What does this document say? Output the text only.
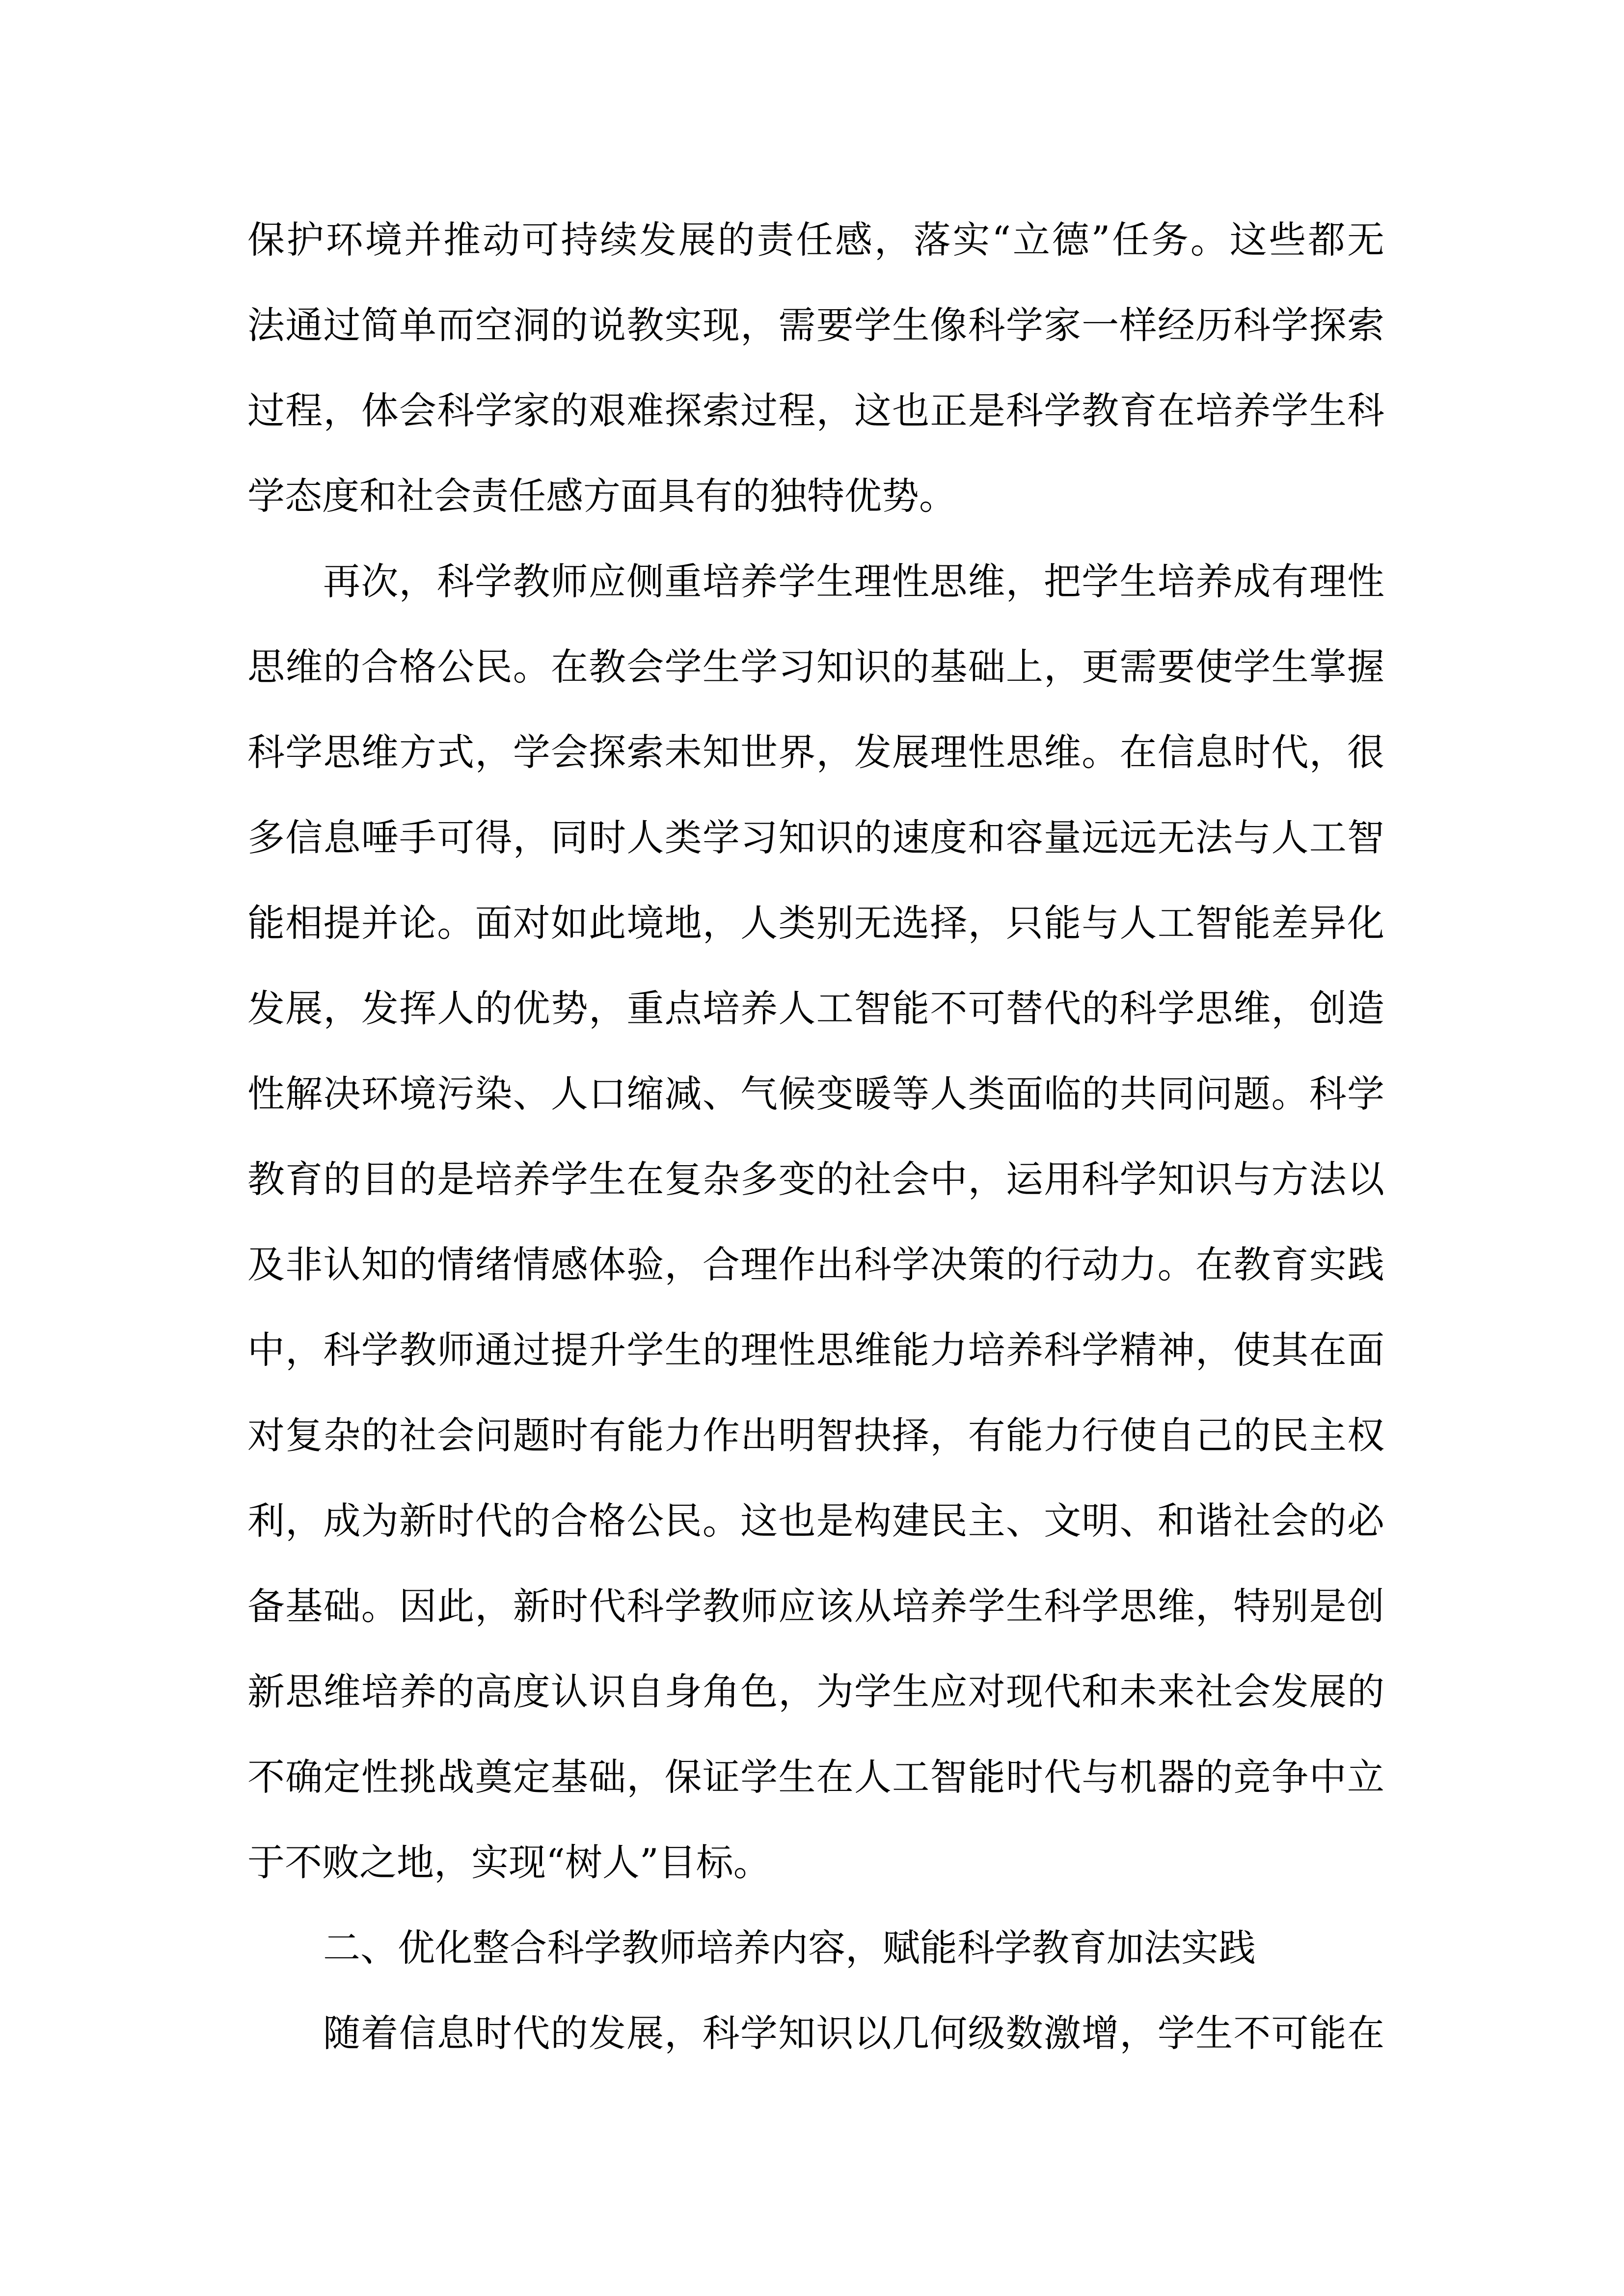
保护环境并推动可持续发展的责任感，落实“立德”任务。这些都无
法通过简单而空洞的说教实现，需要学生像科学家一样经历科学探索
过程，体会科学家的艰难探索过程，这也正是科学教育在培养学生科
学态度和社会责任感方面具有的独特优势。
再次，科学教师应侧重培养学生理性思维，把学生培养成有理性
思维的合格公民。在教会学生学习知识的基础上，更需要使学生掌握
科学思维方式，学会探索未知世界，发展理性思维。在信息时代，很
多信息唾手可得，同时人类学习知识的速度和容量远远无法与人工智
能相提并论。面对如此境地，人类别无选择，只能与人工智能差异化
发展，发挥人的优势，重点培养人工智能不可替代的科学思维，创造
性解决环境污染、人口缩减、气候变暖等人类面临的共同问题。科学
教育的目的是培养学生在复杂多变的社会中，运用科学知识与方法以
及非认知的情绪情感体验，合理作出科学决策的行动力。在教育实践
中，科学教师通过提升学生的理性思维能力培养科学精神，使其在面
对复杂的社会问题时有能力作出明智抉择，有能力行使自己的民主权
利，成为新时代的合格公民。这也是构建民主、文明、和谐社会的必
备基础。因此，新时代科学教师应该从培养学生科学思维，特别是创
新思维培养的高度认识自身角色，为学生应对现代和未来社会发展的
不确定性挑战奠定基础，保证学生在人工智能时代与机器的竞争中立
于不败之地，实现“树人”目标。
二、优化整合科学教师培养内容，赋能科学教育加法实践
随着信息时代的发展，科学知识以几何级数激增，学生不可能在
